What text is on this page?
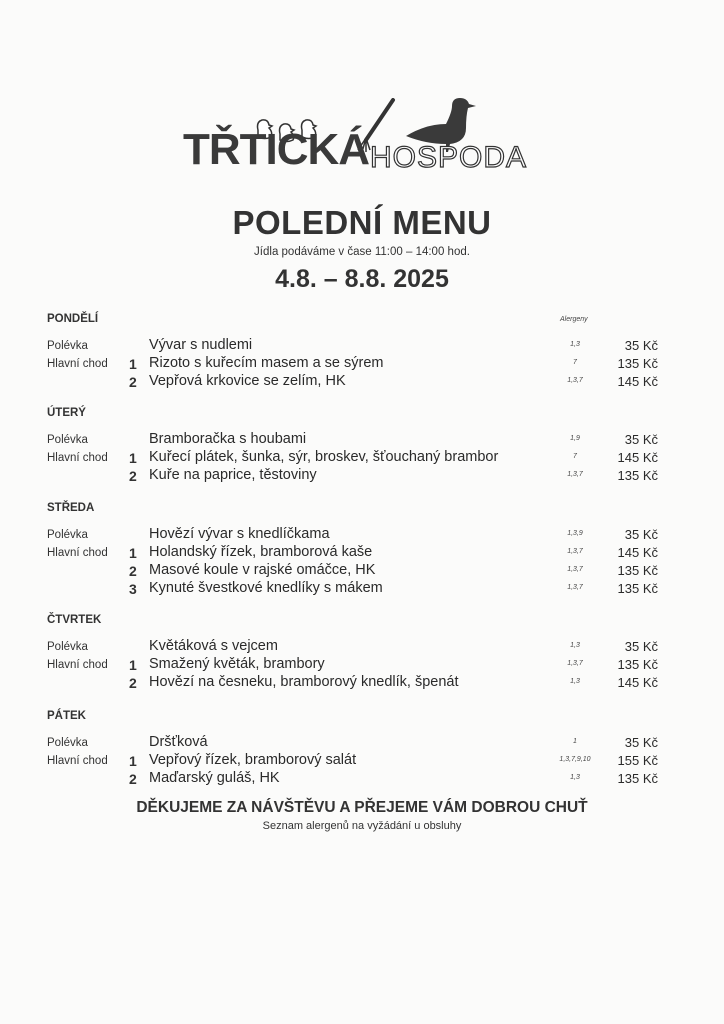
TŘTICKÁ HOSPODA
POLEDNÍ MENU
Jídla podáváme v čase 11:00 – 14:00 hod.
4.8. – 8.8. 2025
Alergeny
PONDĚLÍ
Polévka	Vývar s nudlemi	1,3	35 Kč
Hlavní chod 1 Rizoto s kuřecím masem a se sýrem	7	135 Kč
2 Vepřová krkovice se zelím, HK	1,3,7	145 Kč
ÚTERÝ
Polévka	Bramboračka s houbami	1,9	35 Kč
Hlavní chod 1 Kuřecí plátek, šunka, sýr, broskev, šťouchaný brambor	7	145 Kč
2 Kuře na paprice, těstoviny	1,3,7	135 Kč
STŘEDA
Polévka	Hovězí vývar s knedlíčkama	1,3,9	35 Kč
Hlavní chod 1 Holandský řízek, bramborová kaše	1,3,7	145 Kč
2 Masové koule v rajské omáčce, HK	1,3,7	135 Kč
3 Kynuté švestkové knedlíky s mákem	1,3,7	135 Kč
ČTVRTEK
Polévka	Květáková s vejcem	1,3	35 Kč
Hlavní chod 1 Smažený květák, brambory	1,3,7	135 Kč
2 Hovězí na česneku, bramborový knedlík, špenát	1,3	145 Kč
PÁTEK
Polévka	Dršťková	1	35 Kč
Hlavní chod 1 Vepřový řízek, bramborový salát	1,3,7,9,10	155 Kč
2 Maďarský guláš, HK	1,3	135 Kč
DĚKUJEME ZA NÁVŠTĚVU A PŘEJEME VÁM DOBROU CHUŤ
Seznam alergenů na vyžádání u obsluhy
